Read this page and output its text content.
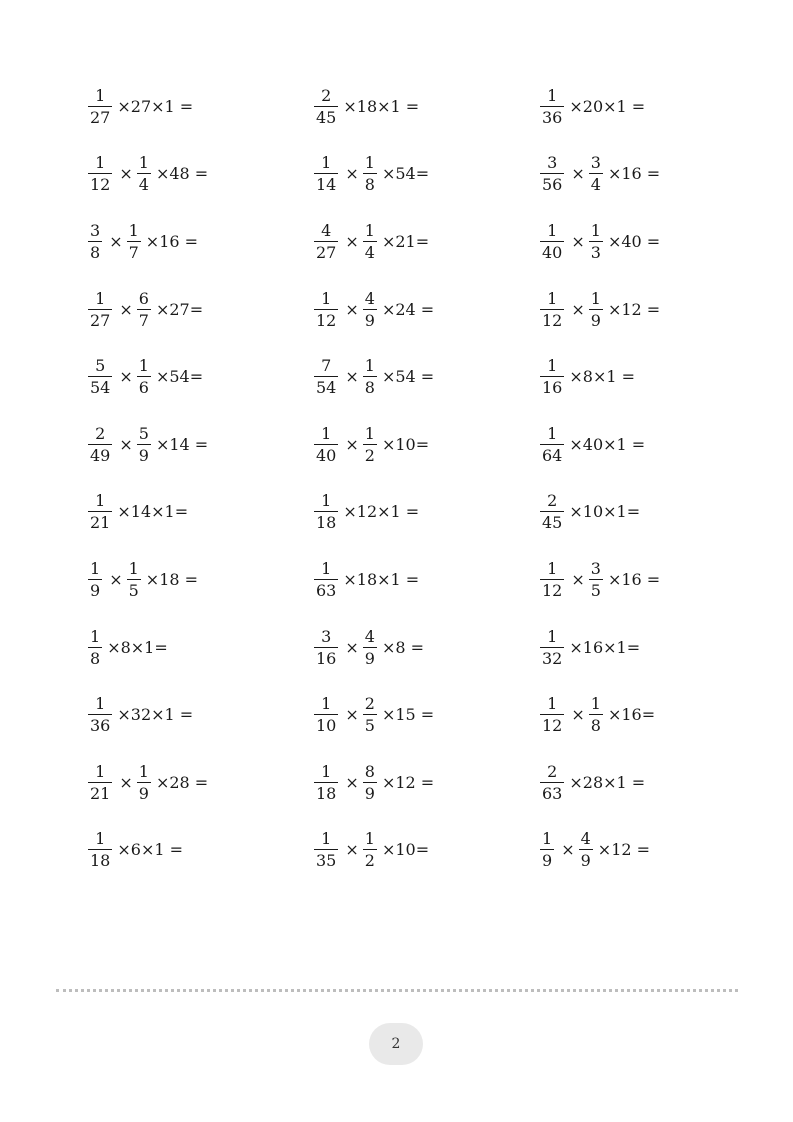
$\frac{1}{27} \times 27\times 1$ =	$\frac{2}{45} \times 18\times 1$ =	$\frac{1}{36} \times 20\times 1$ =
$\frac{1}{12} \times \frac{1}{4} \times 48$ =	$\frac{1}{14} \times \frac{1}{8} \times 54=$	$\frac{3}{56} \times \frac{3}{4} \times 16$ =
$\frac{3}{8} \times \frac{1}{7} \times 16$ =	$\frac{4}{27} \times \frac{1}{4} \times 21=$	$\frac{1}{40} \times \frac{1}{3} \times 40$ =
$\frac{1}{27} \times \frac{6}{7} \times 27=$	$\frac{1}{12} \times \frac{4}{9} \times 24$ =	$\frac{1}{12} \times \frac{1}{9} \times 12$ =
$\frac{5}{54} \times \frac{1}{6} \times 54=$	$\frac{7}{54} \times \frac{1}{8} \times 54$ =	$\frac{1}{16} \times 8\times 1$ =
$\frac{2}{49} \times \frac{5}{9} \times 14$ =	$\frac{1}{40} \times \frac{1}{2} \times 10=$	$\frac{1}{64} \times 40\times 1$ =
$\frac{1}{21} \times 14\times 1=$	$\frac{1}{18} \times 12\times 1$ =	$\frac{2}{45} \times 10\times 1=$
$\frac{1}{9} \times \frac{1}{5} \times 18$ =	$\frac{1}{63} \times 18\times 1$ =	$\frac{1}{12} \times \frac{3}{5} \times 16$ =
$\frac{1}{8} \times 8\times 1=$	$\frac{3}{16} \times \frac{4}{9} \times 8$ =	$\frac{1}{32} \times 16\times 1=$
$\frac{1}{36} \times 32\times 1$ =	$\frac{1}{10} \times \frac{2}{5} \times 15$ =	$\frac{1}{12} \times \frac{1}{8} \times 16=$
$\frac{1}{21} \times \frac{1}{9} \times 28$ =	$\frac{1}{18} \times \frac{8}{9} \times 12$ =	$\frac{2}{63} \times 28\times 1$ =
$\frac{1}{18} \times 6\times 1$ =	$\frac{1}{35} \times \frac{1}{2} \times 10=$	$\frac{1}{9} \times \frac{4}{9} \times 12$ =
2
